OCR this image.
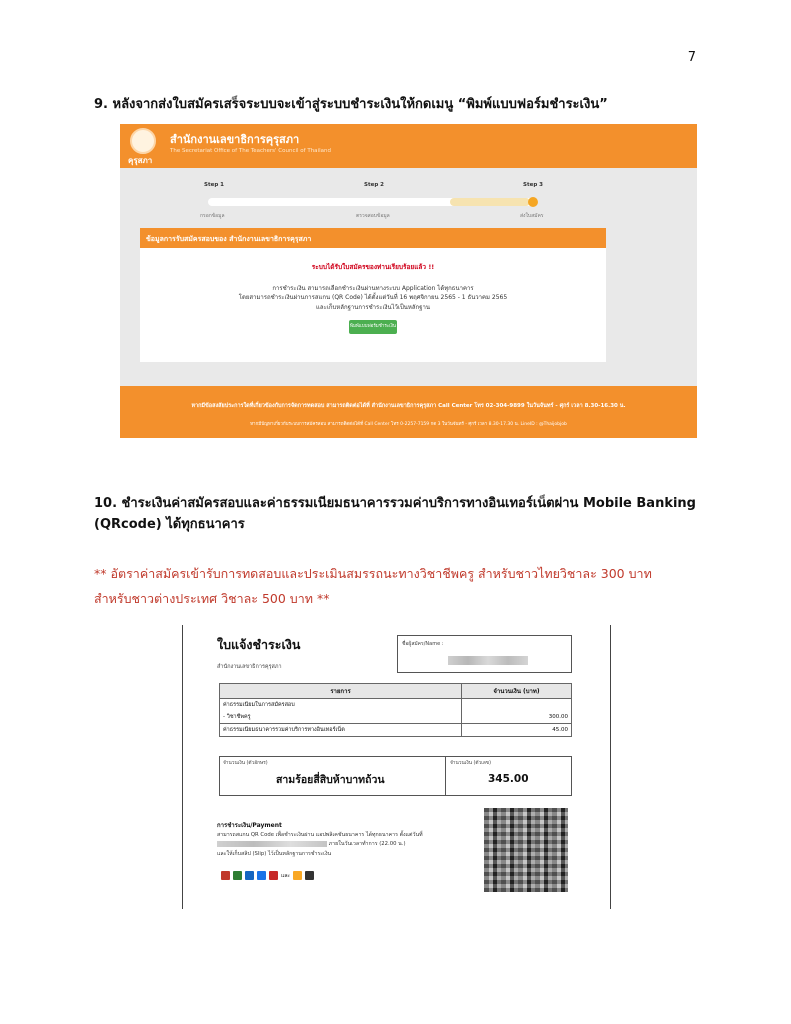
7
9. หลังจากส่งใบสมัครเสร็จระบบจะเข้าสู่ระบบชำระเงินให้กดเมนู “พิมพ์แบบฟอร์มชำระเงิน”
คุรุสภา
สำนักงานเลขาธิการคุรุสภา
The Secretariat Office of The Teachers' Council of Thailand
Step 1
กรอกข้อมูล
Step 2
ตรวจสอบข้อมูล
Step 3
ส่งใบสมัคร
ข้อมูลการรับสมัครสอบของ สำนักงานเลขาธิการคุรุสภา
ระบบได้รับใบสมัครของท่านเรียบร้อยแล้ว !!
การชำระเงิน สามารถเลือกชำระเงินผ่านทางระบบ Application ได้ทุกธนาคาร
โดยสามารถชำระเงินผ่านการสแกน (QR Code) ได้ตั้งแต่วันที่ 16 พฤศจิกายน 2565 - 1 ธันวาคม 2565
และเก็บหลักฐานการชำระเงินไว้เป็นหลักฐาน
พิมพ์แบบฟอร์มชำระเงิน
หากมีข้อสงสัยประการใดที่เกี่ยวข้องกับการจัดการทดสอบ สามารถติดต่อได้ที่ สำนักงานเลขาธิการคุรุสภา Call Center โทร 02-304-9899 ในวันจันทร์ - ศุกร์ เวลา 8.30-16.30 น.
หากมีปัญหาเกี่ยวกับระบบการสมัครสอบ สามารถติดต่อได้ที่ Call Center โทร 0-2257-7159 กด 3 ในวันจันทร์ - ศุกร์ เวลา 8.30-17.30 น. LineID : @Thaijobjob
10. ชำระเงินค่าสมัครสอบและค่าธรรมเนียมธนาคารรวมค่าบริการทางอินเทอร์เน็ตผ่าน Mobile Banking (QRcode) ได้ทุกธนาคาร
** อัตราค่าสมัครเข้ารับการทดสอบและประเมินสมรรถนะทางวิชาชีพครู สำหรับชาวไทยวิชาละ 300 บาท
สำหรับชาวต่างประเทศ วิชาละ 500 บาท **
ใบแจ้งชำระเงิน
สำนักงานเลขาธิการคุรุสภา
ชื่อผู้สมัคร/Name :
รายการ	จำนวนเงิน (บาท)
ค่าธรรมเนียมในการสมัครสอบ	
- วิชาชีพครู	300.00
ค่าธรรมเนียมธนาคารรวมค่าบริการทางอินเทอร์เน็ต	45.00
จำนวนเงิน (ตัวอักษร)
สามร้อยสี่สิบห้าบาทถ้วน
จำนวนเงิน (ตัวเลข)
345.00
การชำระเงิน/Payment
สามารถสแกน QR Code เพื่อชำระเงินผ่าน แอปพลิเคชันธนาคาร ได้ทุกธนาคาร ตั้งแต่วันที่
ภายในวันเวลาทำการ (22.00 น.)
และให้เก็บสลิป (Slip) ไว้เป็นหลักฐานการชำระเงิน
และ
